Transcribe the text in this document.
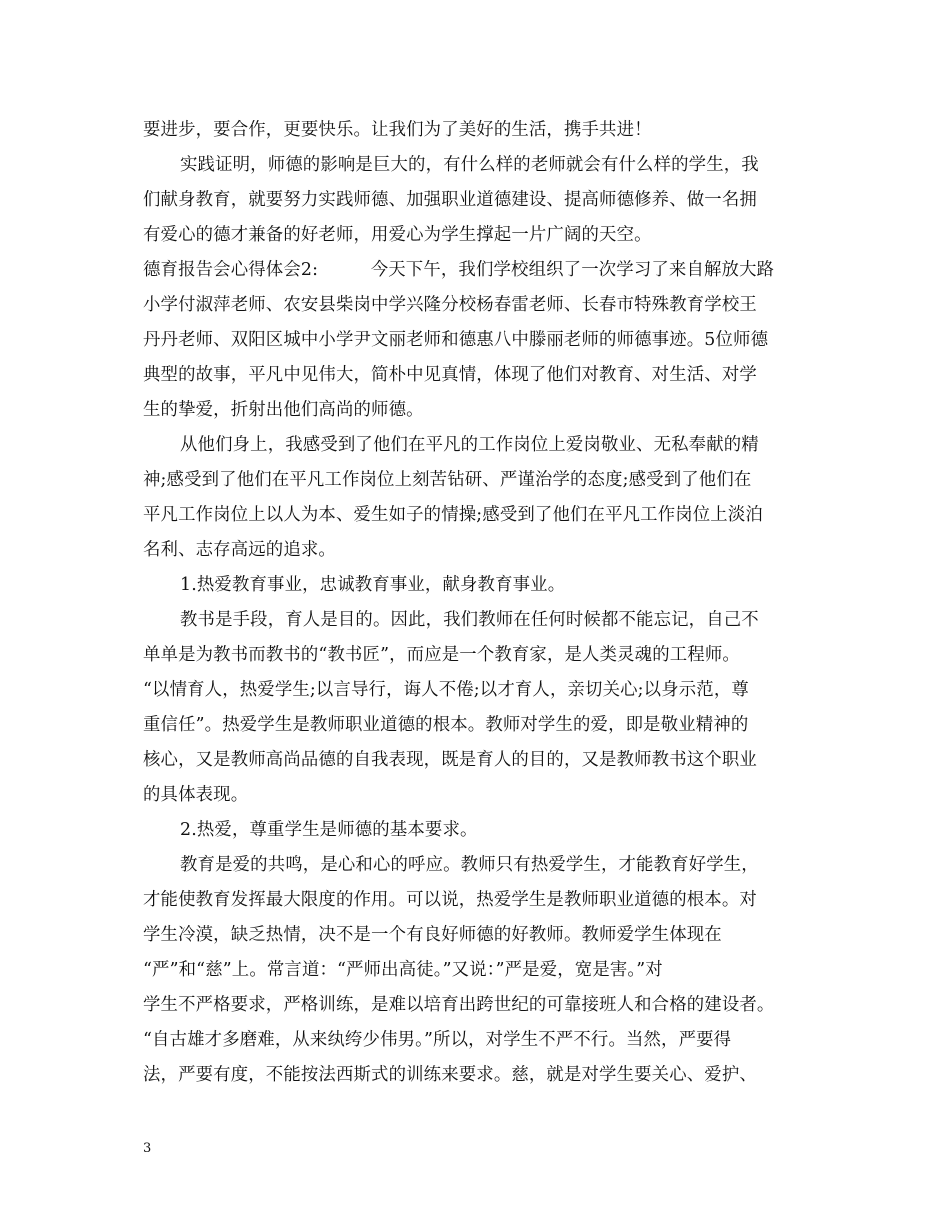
要进步，要合作，更要快乐。让我们为了美好的生活，携手共进！
实践证明，师德的影响是巨大的，有什么样的老师就会有什么样的学生，我
们献身教育，就要努力实践师德、加强职业道德建设、提高师德修养、做一名拥
有爱心的德才兼备的好老师，用爱心为学生撑起一片广阔的天空。
德育报告会心得体会2:　　　今天下午，我们学校组织了一次学习了来自解放大路
小学付淑萍老师、农安县柴岗中学兴隆分校杨春雷老师、长春市特殊教育学校王
丹丹老师、双阳区城中小学尹文丽老师和德惠八中滕丽老师的师德事迹。5位师德
典型的故事，平凡中见伟大，简朴中见真情，体现了他们对教育、对生活、对学
生的挚爱，折射出他们高尚的师德。
从他们身上，我感受到了他们在平凡的工作岗位上爱岗敬业、无私奉献的精
神;感受到了他们在平凡工作岗位上刻苦钻研、严谨治学的态度;感受到了他们在
平凡工作岗位上以人为本、爱生如子的情操;感受到了他们在平凡工作岗位上淡泊
名利、志存高远的追求。
1.热爱教育事业，忠诚教育事业，献身教育事业。
教书是手段，育人是目的。因此，我们教师在任何时候都不能忘记，自己不
单单是为教书而教书的“教书匠”，而应是一个教育家，是人类灵魂的工程师。
“以情育人，热爱学生;以言导行，诲人不倦;以才育人，亲切关心;以身示范，尊
重信任”。热爱学生是教师职业道德的根本。教师对学生的爱，即是敬业精神的
核心，又是教师高尚品德的自我表现，既是育人的目的，又是教师教书这个职业
的具体表现。
2.热爱，尊重学生是师德的基本要求。
教育是爱的共鸣，是心和心的呼应。教师只有热爱学生，才能教育好学生，
才能使教育发挥最大限度的作用。可以说，热爱学生是教师职业道德的根本。对
学生冷漠，缺乏热情，决不是一个有良好师德的好教师。教师爱学生体现在
“严”和“慈”上。常言道：“严师出高徒。”又说：”严是爱，宽是害。”对
学生不严格要求，严格训练，是难以培育出跨世纪的可靠接班人和合格的建设者。
“自古雄才多磨难，从来纨绔少伟男。”所以，对学生不严不行。当然，严要得
法，严要有度，不能按法西斯式的训练来要求。慈，就是对学生要关心、爱护、
3
